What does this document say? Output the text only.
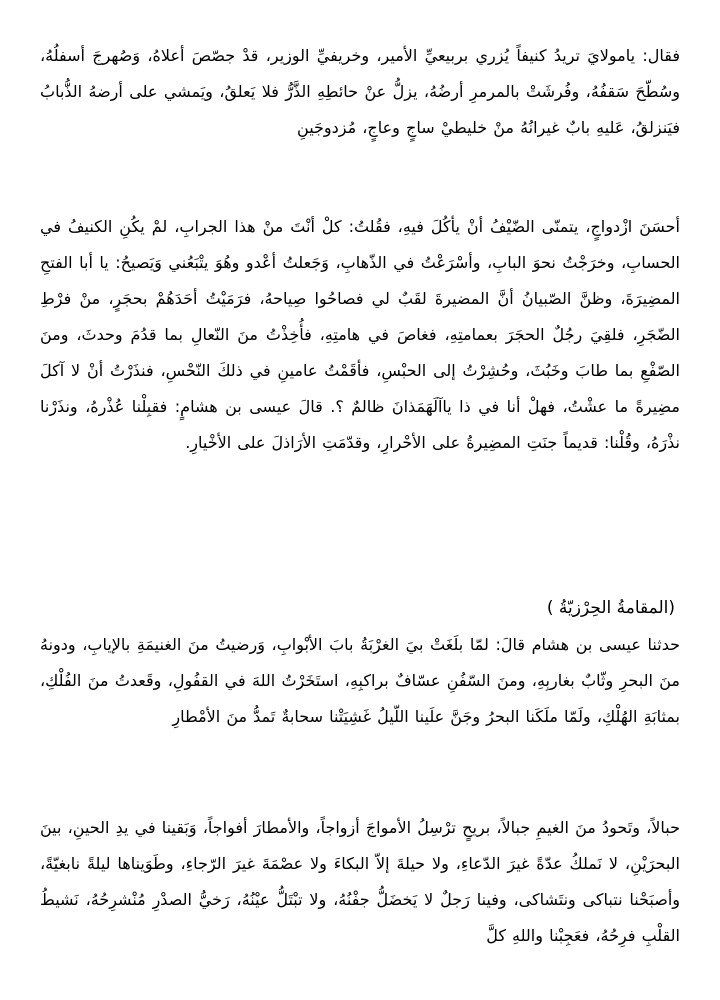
فقال: يامولايَ تريدُ كنيفاً يُزري بربيعيِّ الأمير، وخريفيِّ الوزير، قدْ جصّصَ أعلاهُ، وَصُهرجَ أسفلُهُ، وسُطّحَ سَقفُهُ، وفُرشَتْ بالمرمرِ أرضُهُ، يزلُّ عنْ حائطِهِ الذَّرُّ فلا يَعلقُ، ويَمشي على أرضهُ الذُّبابُ فيَنزلقُ، عَليهِ بابٌ غيرانُهُ منْ خليطيْ ساجٍ وعاجٍ، مُزدوجَينِ

أحسَنَ ازْدواجٍ، يتمنّى الضّيْفُ أنْ يأكُلَ فيهِ، فقُلتُ: كلْ أنْتَ منْ هذا الجرابِ، لمْ يكُنِ الكنيفُ في الحسابِ، وخرَجْتُ نحوَ البابِ، وأسْرَعْتُ في الذّهابِ، وَجَعلتُ أعْدو وهُوَ يتْبَعُني وَيَصيحُ: يا أبا الفتحِ المضِيرَةَ، وظنَّ الصّبيانُ أنَّ المضيرةَ لقَبٌ لي فصاحُوا صِياحهُ، فرَمَيْتُ أحَدَهُمْ بحجَرٍ، منْ فرْطِ الضّجَرِ، فلقِيَ رجُلٌ الحجَرَ بعمامتِهِ، فغاصَ في هامتِهِ، فأُخِذْتُ منَ النّعالِ بما قدُمَ وحدثَ، ومنَ الصّفْعِ بما طابَ وخَبُثَ، وحُشِرْتُ إلى الحبْسِ، فأقَمْتُ عامينِ في ذلكَ النّحْسِ، فنذَرْتُ أنْ لا آكلَ مضِيرةً ما عشْتُ، فهلْ أنا في ذا ياآلَهَمَذانَ ظالمٌ ؟. قالَ عيسى بن هشامٍ: فقبِلْنا عُذْرهُ، ونذَرْنا نذْرَهُ، وقُلْنا: قديماً جنَتِ المضِيرةُ على الأحْرارِ، وقدّمَتِ الأرَاذلَ على الأخْيارِ.

(المقامةُ الحِرْزيّةُ )

حدثنا عيسى بن هشام قالَ: لمّا بلَغَتْ بيَ الغرْبَةُ بابَ الأبْوابِ، وَرضيتُ منَ الغنيمَةِ بالإيابِ، ودونهُ منَ البحرِ وثّابٌ بغاربِهِ، ومنَ السّفُنِ عسّافٌ براكبِهِ، استَخَرْتُ اللهَ في القفُولِ، وقَعدتُ منَ الفُلْكِ، بمثابَةِ الهُلْكِ، ولَمّا ملَكَنا البحرُ وجَنَّ علَينا اللّيلُ غَشِيَتْنا سحابةٌ تَمدُّ منَ الأمْطارِ

حبالاً، وتَحودُ منَ الغيمِ جبالاً، بريحٍ ترْسِلُ الأمواجَ أزواجاً، والأمطارَ أفواجاً، وَبَقينا في يدِ الحينِ، بينَ البحرَيْنِ، لا نَملكُ عدّةً غيرَ الدّعاءِ، ولا حيلةَ إلاّ البكاءَ ولا عصْمَةَ غيرَ الرّجاءِ، وطَوَيناها ليلةً نابغيّةً، وأصبَحْنا نتباكى ونتَشاكى، وفينا رَجلٌ لا يَخضَلُّ جفْنُهُ، ولا تبْتَلُّ عيْنُهُ، رَخيُّ الصدْرِ مُنْشرِحُهُ، نَشيطُ القلْبِ فرِحُهُ، فعَجِبْنا واللهِ كلَّ
